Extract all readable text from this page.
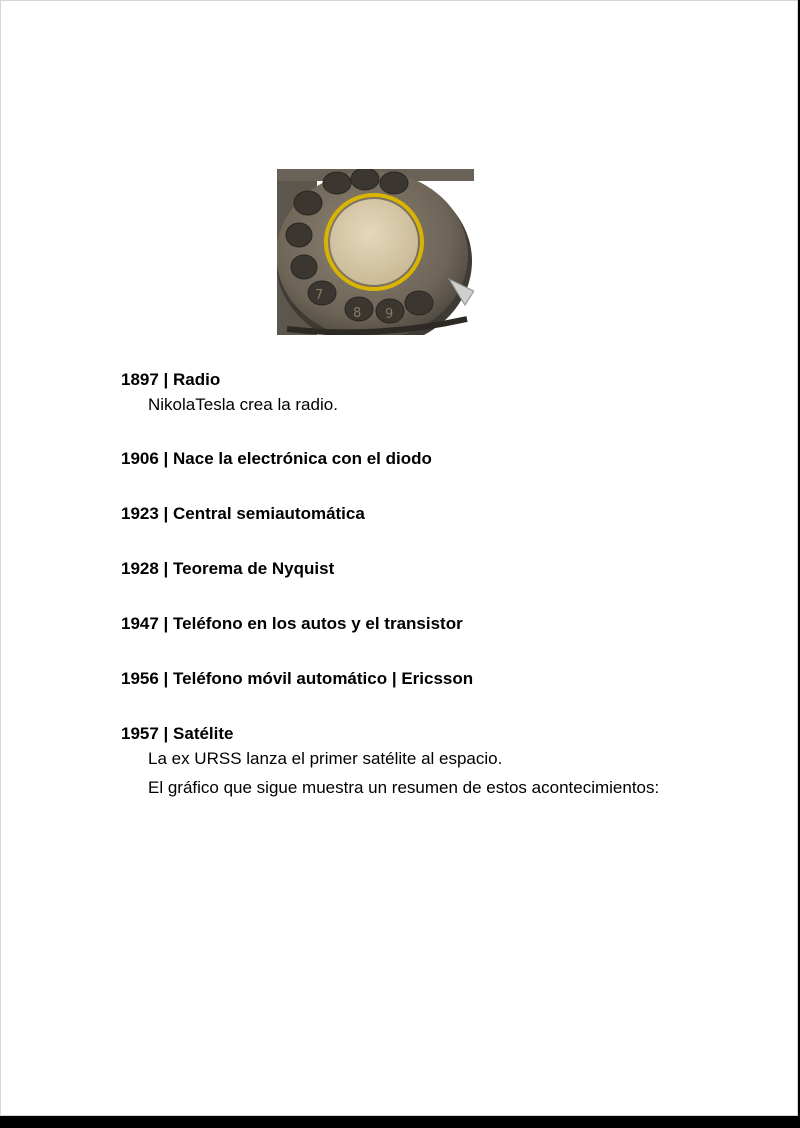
7
8 9

1897 | Radio

NikolaTesla crea la radio.

1906 | Nace la electrónica con el diodo

1923 | Central semiautomática

1928 | Teorema de Nyquist

1947 | Teléfono en los autos y el transistor

1956 | Teléfono móvil automático | Ericsson

1957 | Satélite

La ex URSS lanza el primer satélite al espacio.

El gráfico que sigue muestra un resumen de estos acontecimientos:
